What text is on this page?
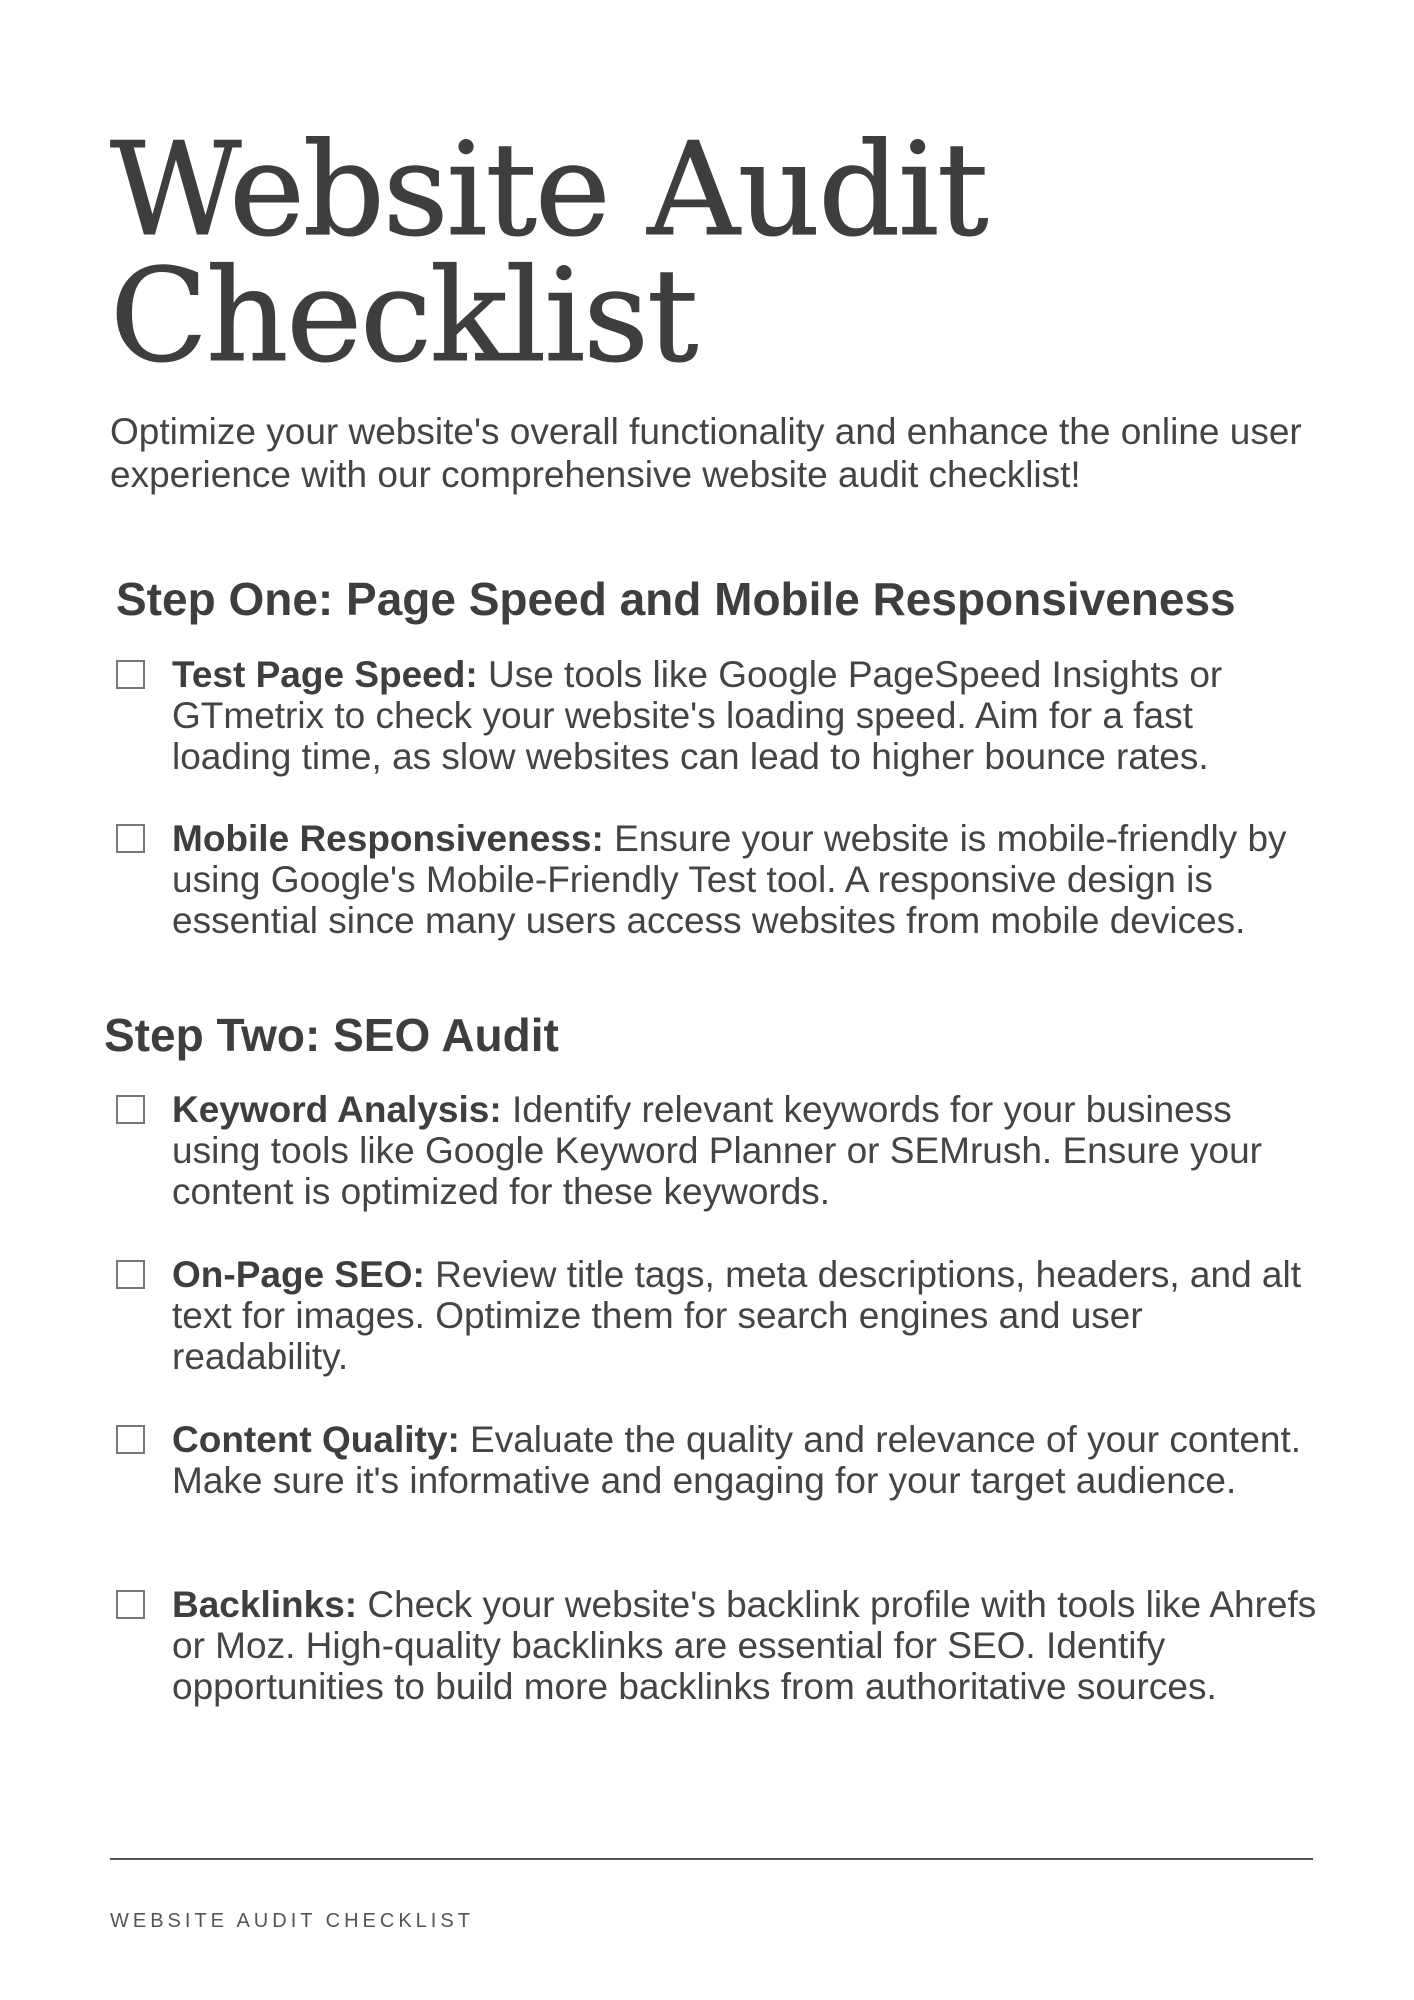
Website Audit
Checklist

Optimize your website's overall functionality and enhance the online user experience with our comprehensive website audit checklist!

Step One: Page Speed and Mobile Responsiveness

Test Page Speed: Use tools like Google PageSpeed Insights or GTmetrix to check your website's loading speed. Aim for a fast loading time, as slow websites can lead to higher bounce rates.

Mobile Responsiveness: Ensure your website is mobile-friendly by using Google's Mobile-Friendly Test tool. A responsive design is essential since many users access websites from mobile devices.

Step Two: SEO Audit

Keyword Analysis: Identify relevant keywords for your business using tools like Google Keyword Planner or SEMrush. Ensure your content is optimized for these keywords.

On-Page SEO: Review title tags, meta descriptions, headers, and alt text for images. Optimize them for search engines and user readability.

Content Quality: Evaluate the quality and relevance of your content. Make sure it's informative and engaging for your target audience.

Backlinks: Check your website's backlink profile with tools like Ahrefs or Moz. High-quality backlinks are essential for SEO. Identify opportunities to build more backlinks from authoritative sources.

WEBSITE AUDIT CHECKLIST
